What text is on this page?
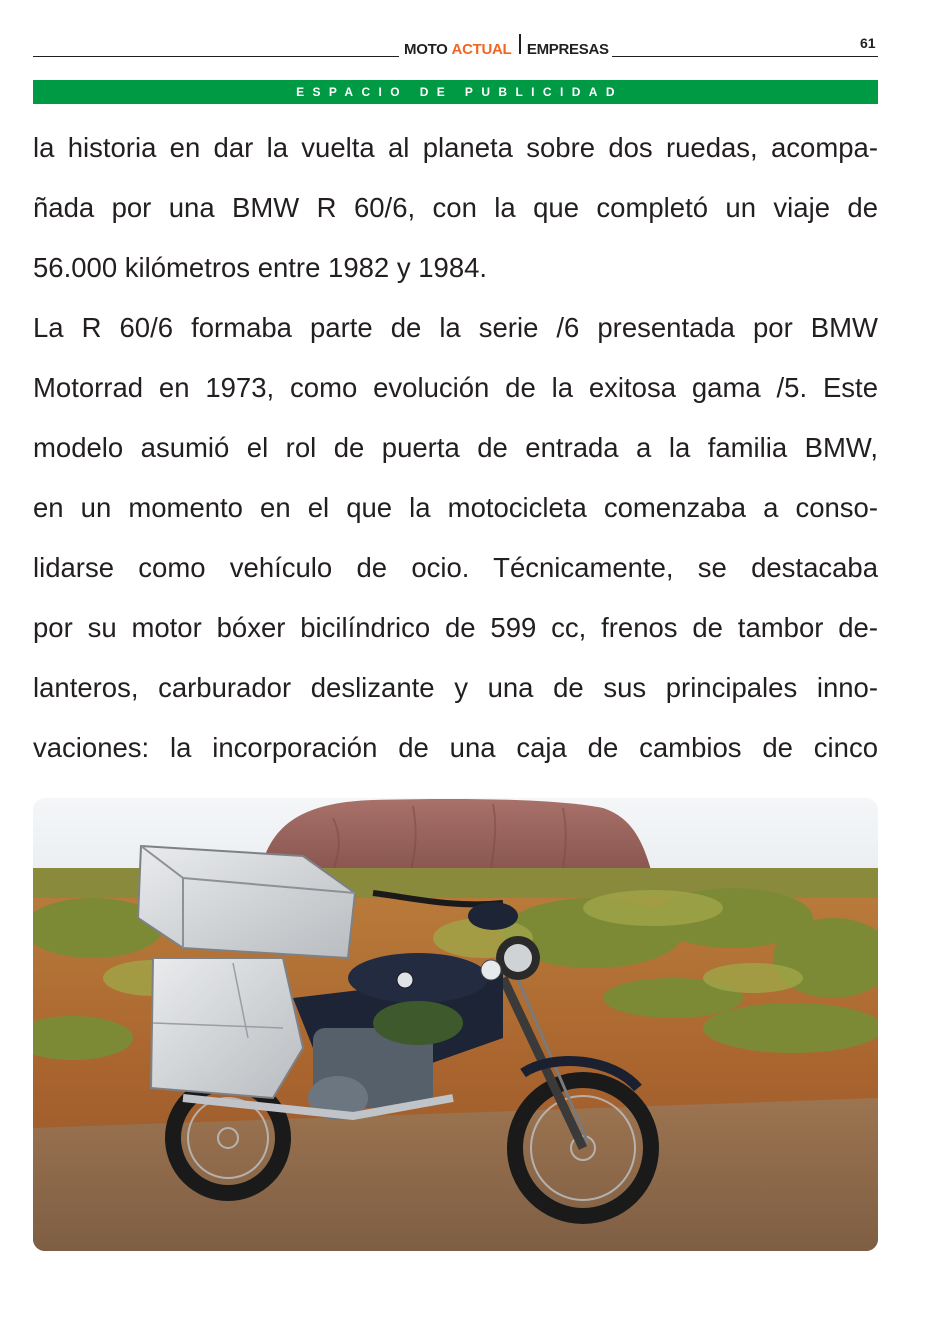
MOTO ACTUAL EMPRESAS	61
ESPACIO DE PUBLICIDAD
la historia en dar la vuelta al planeta sobre dos ruedas, acompa-
ñada por una BMW R 60/6, con la que completó un viaje de
56.000 kilómetros entre 1982 y 1984.
La R 60/6 formaba parte de la serie /6 presentada por BMW
Motorrad en 1973, como evolución de la exitosa gama /5. Este
modelo asumió el rol de puerta de entrada a la familia BMW,
en un momento en el que la motocicleta comenzaba a conso-
lidarse como vehículo de ocio. Técnicamente, se destacaba
por su motor bóxer bicilíndrico de 599 cc, frenos de tambor de-
lanteros, carburador deslizante y una de sus principales inno-
vaciones: la incorporación de una caja de cambios de cinco
